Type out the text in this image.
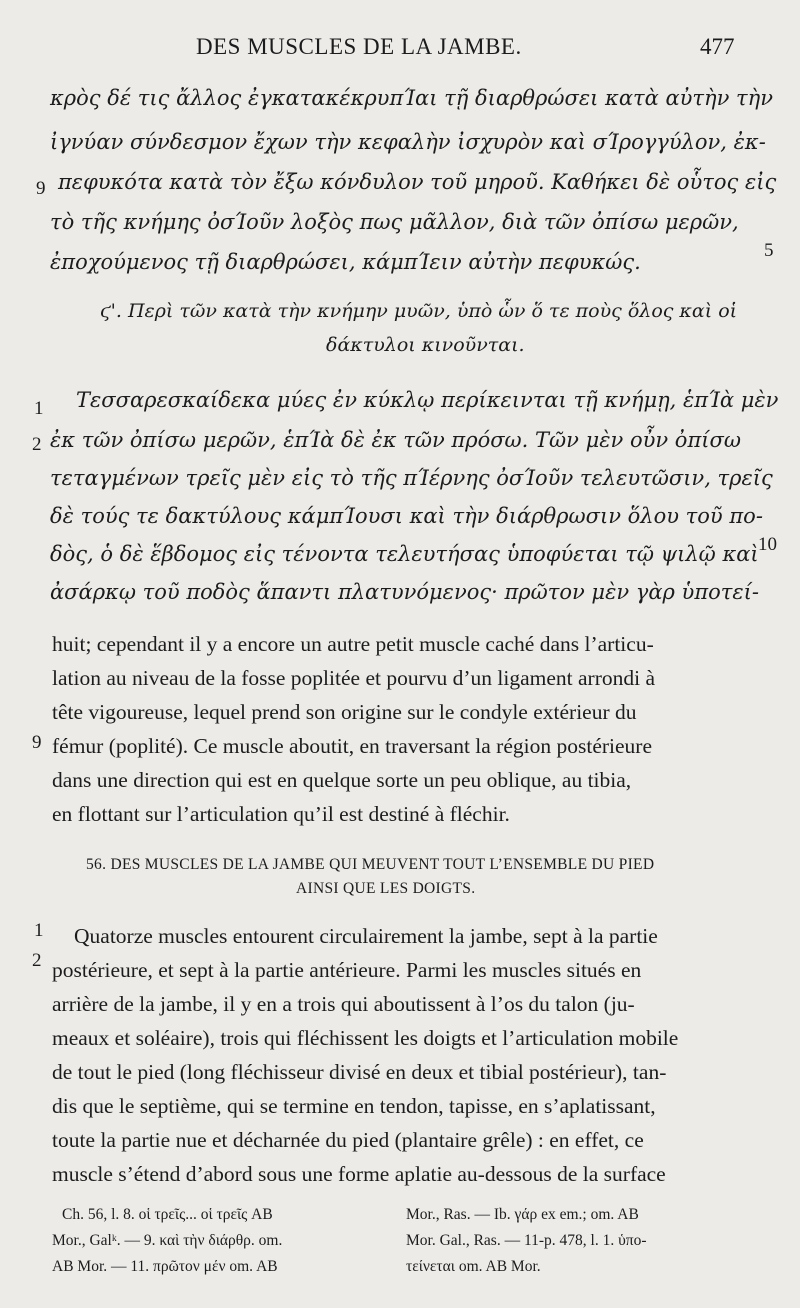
DES MUSCLES DE LA JAMBE.	477
κρὸς δέ τις ἄλλος ἐγκατακέκρυπΊαι τῇ διαρθρώσει κατὰ αὐτὴν τὴν
ἰγνύαν σύνδεσμον ἔχων τὴν κεφαλὴν ἰσχυρὸν καὶ σΊρογγύλον, ἐκ-
πεφυκότα κατὰ τὸν ἔξω κόνδυλον τοῦ μηροῦ. Καθήκει δὲ οὗτος εἰς
τὸ τῆς κνήμης ὀσΊοῦν λοξὸς πως μᾶλλον, διὰ τῶν ὀπίσω μερῶν,
ἐποχούμενος τῇ διαρθρώσει, κάμπΊειν αὐτὴν πεφυκώς.
ϛ'. Περὶ τῶν κατὰ τὴν κνήμην μυῶν, ὑπὸ ὧν ὅ τε ποὺς ὅλος καὶ οἱ
δάκτυλοι κινοῦνται.
Τεσσαρεσκαίδεκα μύες ἐν κύκλῳ περίκεινται τῇ κνήμῃ, ἑπΊὰ μὲν
ἐκ τῶν ὀπίσω μερῶν, ἑπΊὰ δὲ ἐκ τῶν πρόσω. Τῶν μὲν οὖν ὀπίσω
τεταγμένων τρεῖς μὲν εἰς τὸ τῆς πΊέρνης ὀσΊοῦν τελευτῶσιν, τρεῖς
δὲ τούς τε δακτύλους κάμπΊουσι καὶ τὴν διάρθρωσιν ὅλου τοῦ πο-
δὸς, ὁ δὲ ἕβδομος εἰς τένοντα τελευτήσας ὑποφύεται τῷ ψιλῷ καὶ
ἀσάρκῳ τοῦ ποδὸς ἅπαντι πλατυνόμενος· πρῶτον μὲν γὰρ ὑποτεί-
9
5
1
2
10
9
1
2
huit; cependant il y a encore un autre petit muscle caché dans l’articu-
lation au niveau de la fosse poplitée et pourvu d’un ligament arrondi à
tête vigoureuse, lequel prend son origine sur le condyle extérieur du
fémur (poplité). Ce muscle aboutit, en traversant la région postérieure
dans une direction qui est en quelque sorte un peu oblique, au tibia,
en flottant sur l’articulation qu’il est destiné à fléchir.
56. DES MUSCLES DE LA JAMBE QUI MEUVENT TOUT L’ENSEMBLE DU PIED
AINSI QUE LES DOIGTS.
Quatorze muscles entourent circulairement la jambe, sept à la partie
postérieure, et sept à la partie antérieure. Parmi les muscles situés en
arrière de la jambe, il y en a trois qui aboutissent à l’os du talon (ju-
meaux et soléaire), trois qui fléchissent les doigts et l’articulation mobile
de tout le pied (long fléchisseur divisé en deux et tibial postérieur), tan-
dis que le septième, qui se termine en tendon, tapisse, en s’aplatissant,
toute la partie nue et décharnée du pied (plantaire grêle) : en effet, ce
muscle s’étend d’abord sous une forme aplatie au-dessous de la surface
Ch. 56, l. 8. οἱ τρεῖς... οἱ τρεῖς AB
Mor., Galᵏ. — 9. καὶ τὴν διάρθρ. om.
AB Mor. — 11. πρῶτον μέν om. AB
Mor., Ras. — Ib. γάρ ex em.; om. AB
Mor. Gal., Ras. — 11-p. 478, l. 1. ὑπο-
τείνεται om. AB Mor.
